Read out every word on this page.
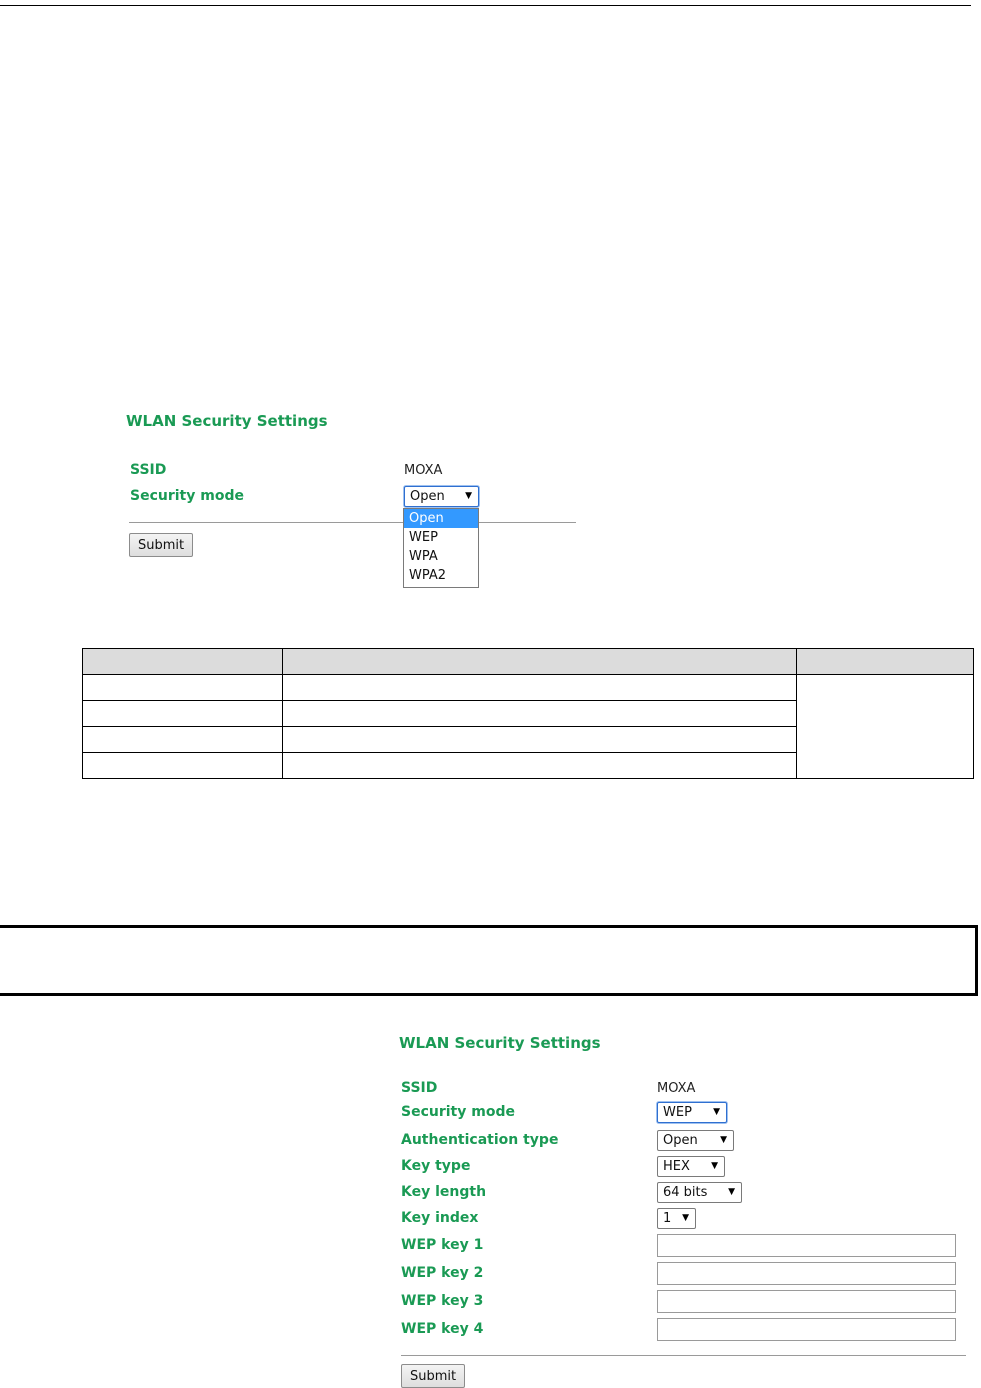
WLAN Security Settings
SSID	MOXA
Security mode	Open ▼
Open
WEP
WPA
WPA2
Submit

WLAN Security Settings
SSID	MOXA
Security mode	WEP ▼
Authentication type	Open ▼
Key type	HEX ▼
Key length	64 bits ▼
Key index	1 ▼
WEP key 1
WEP key 2
WEP key 3
WEP key 4
Submit
